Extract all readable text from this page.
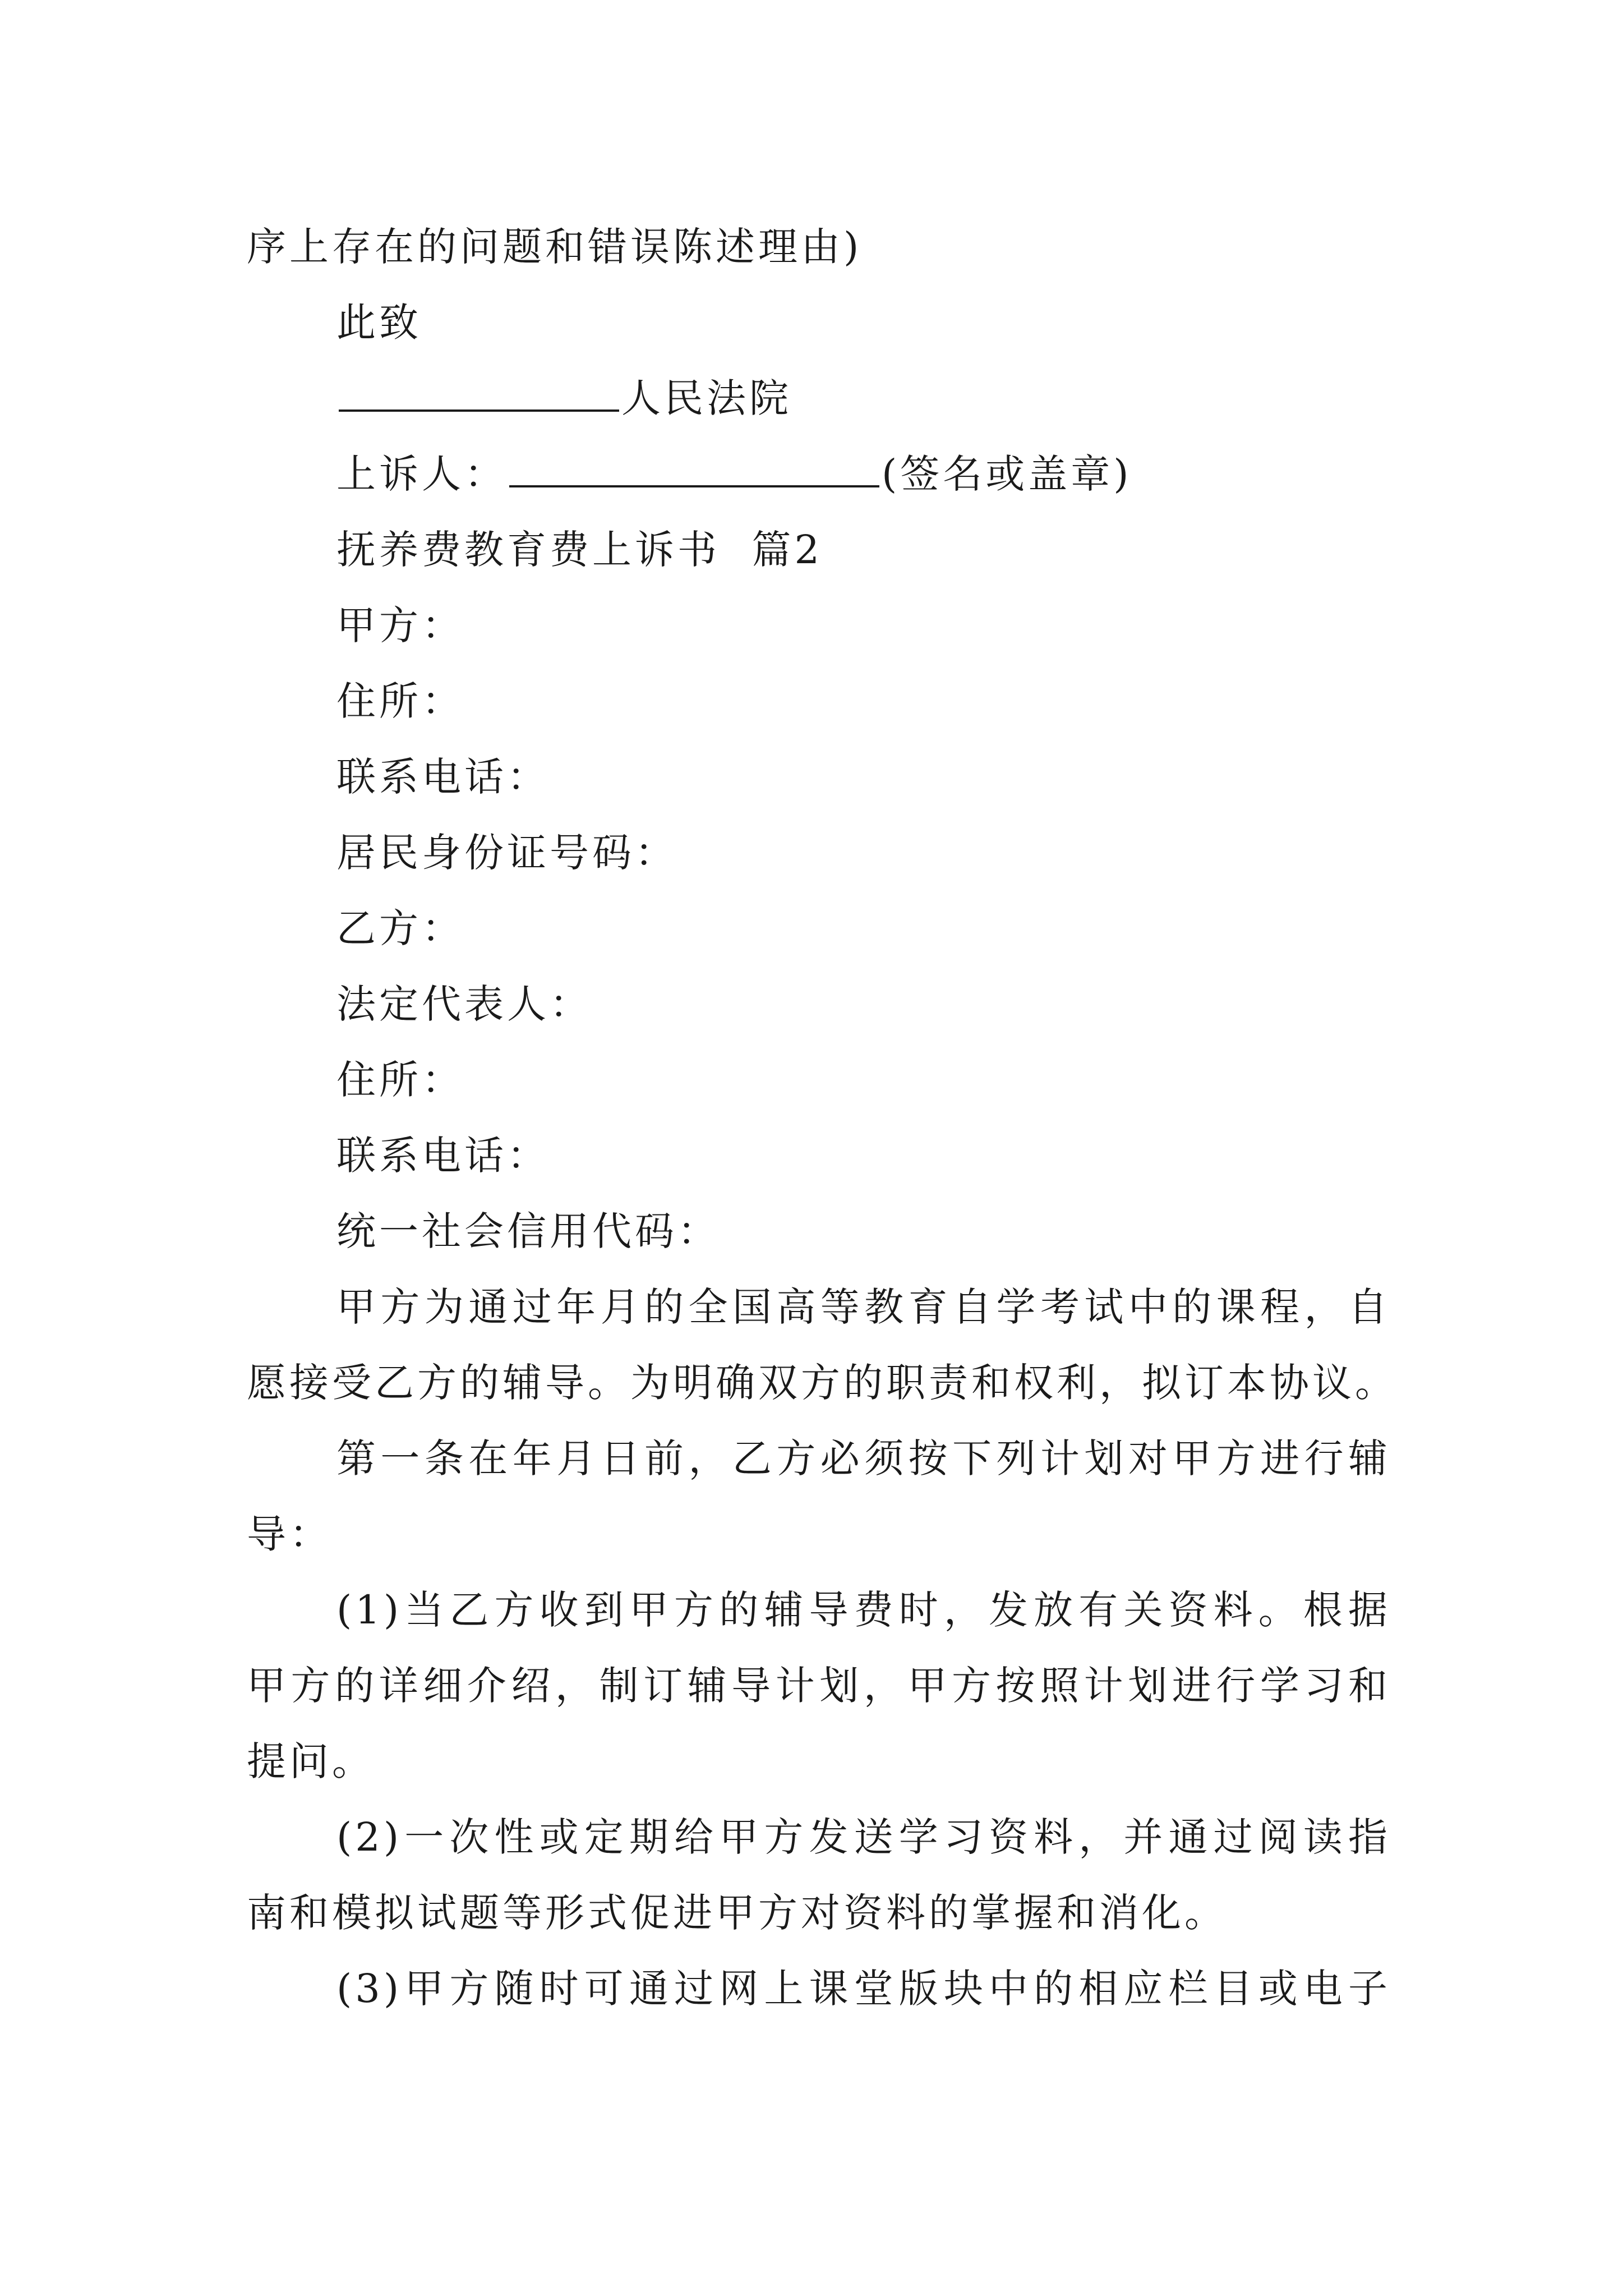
序上存在的问题和错误陈述理由)
此致
人民法院
上诉人：	(签名或盖章)
抚养费教育费上诉书  篇2
甲方：
住所：
联系电话：
居民身份证号码：
乙方：
法定代表人：
住所：
联系电话：
统一社会信用代码：
甲方为通过年月的全国高等教育自学考试中的课程，自
愿接受乙方的辅导。为明确双方的职责和权利，拟订本协议。
第一条在年月日前，乙方必须按下列计划对甲方进行辅
导：
(1)当乙方收到甲方的辅导费时，发放有关资料。根据
甲方的详细介绍，制订辅导计划，甲方按照计划进行学习和
提问。
(2)一次性或定期给甲方发送学习资料，并通过阅读指
南和模拟试题等形式促进甲方对资料的掌握和消化。
(3)甲方随时可通过网上课堂版块中的相应栏目或电子
